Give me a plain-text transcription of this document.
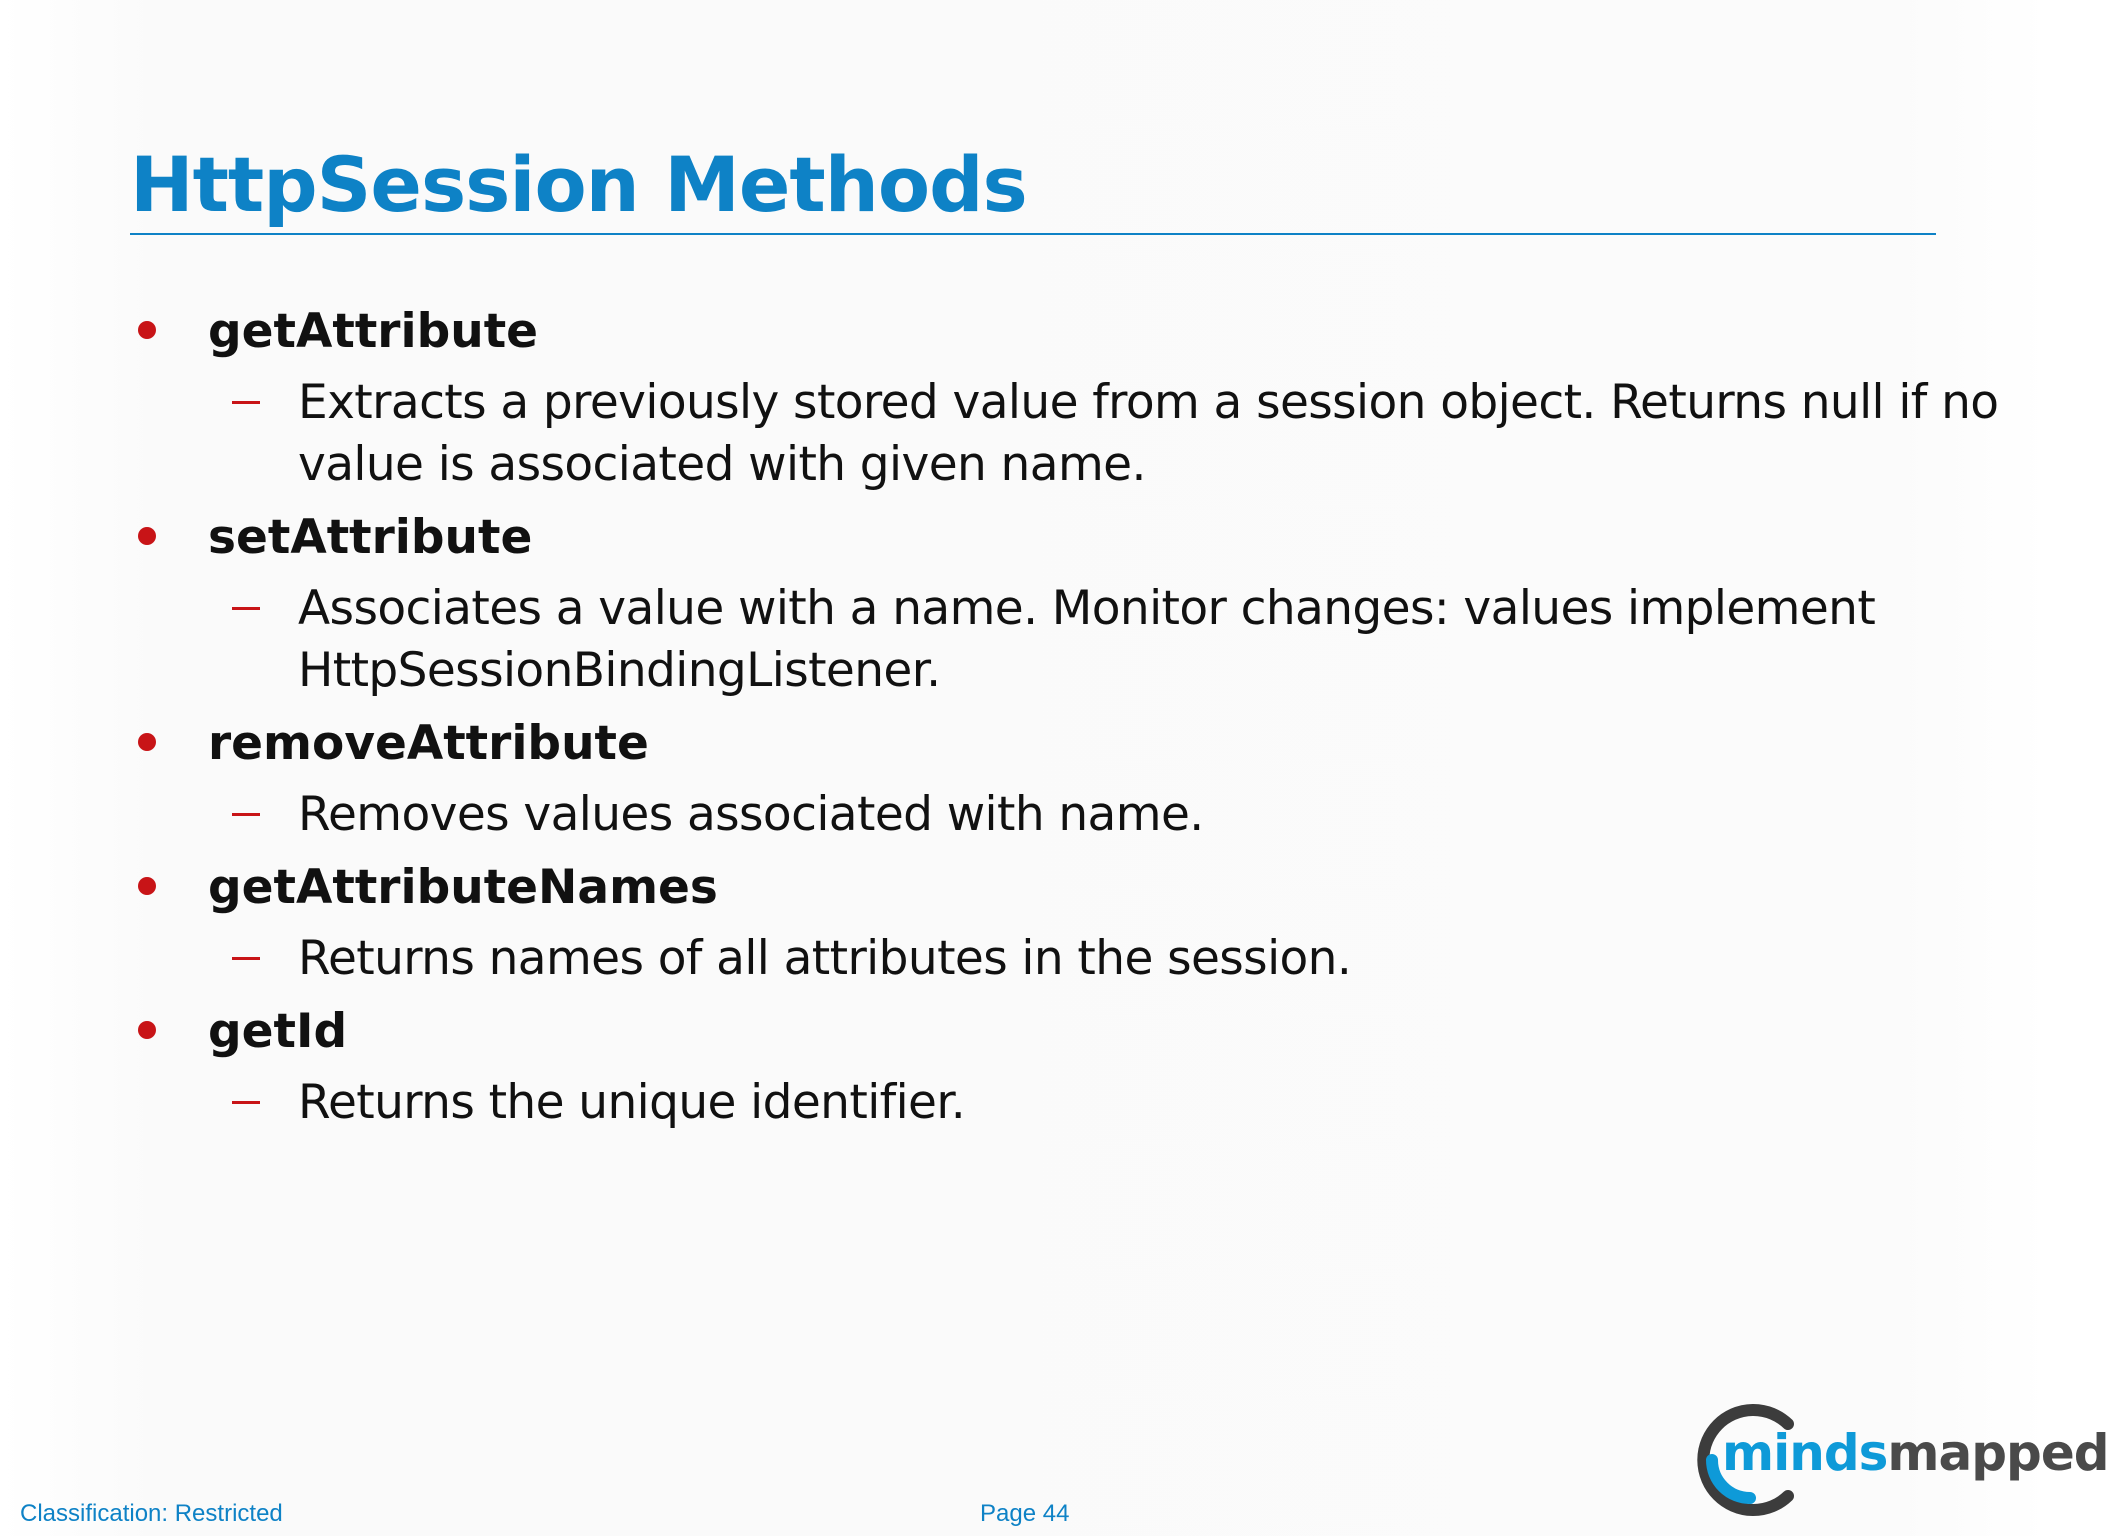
HttpSession Methods
getAttribute
Extracts a previously stored value from a session object. Returns null if no value is associated with given name.
setAttribute
Associates a value with a name. Monitor changes: values implement HttpSessionBindingListener.
removeAttribute
Removes values associated with name.
getAttributeNames
Returns names of all attributes in the session.
getId
Returns the unique identifier.
Classification: Restricted	Page 44
mindsmapped
